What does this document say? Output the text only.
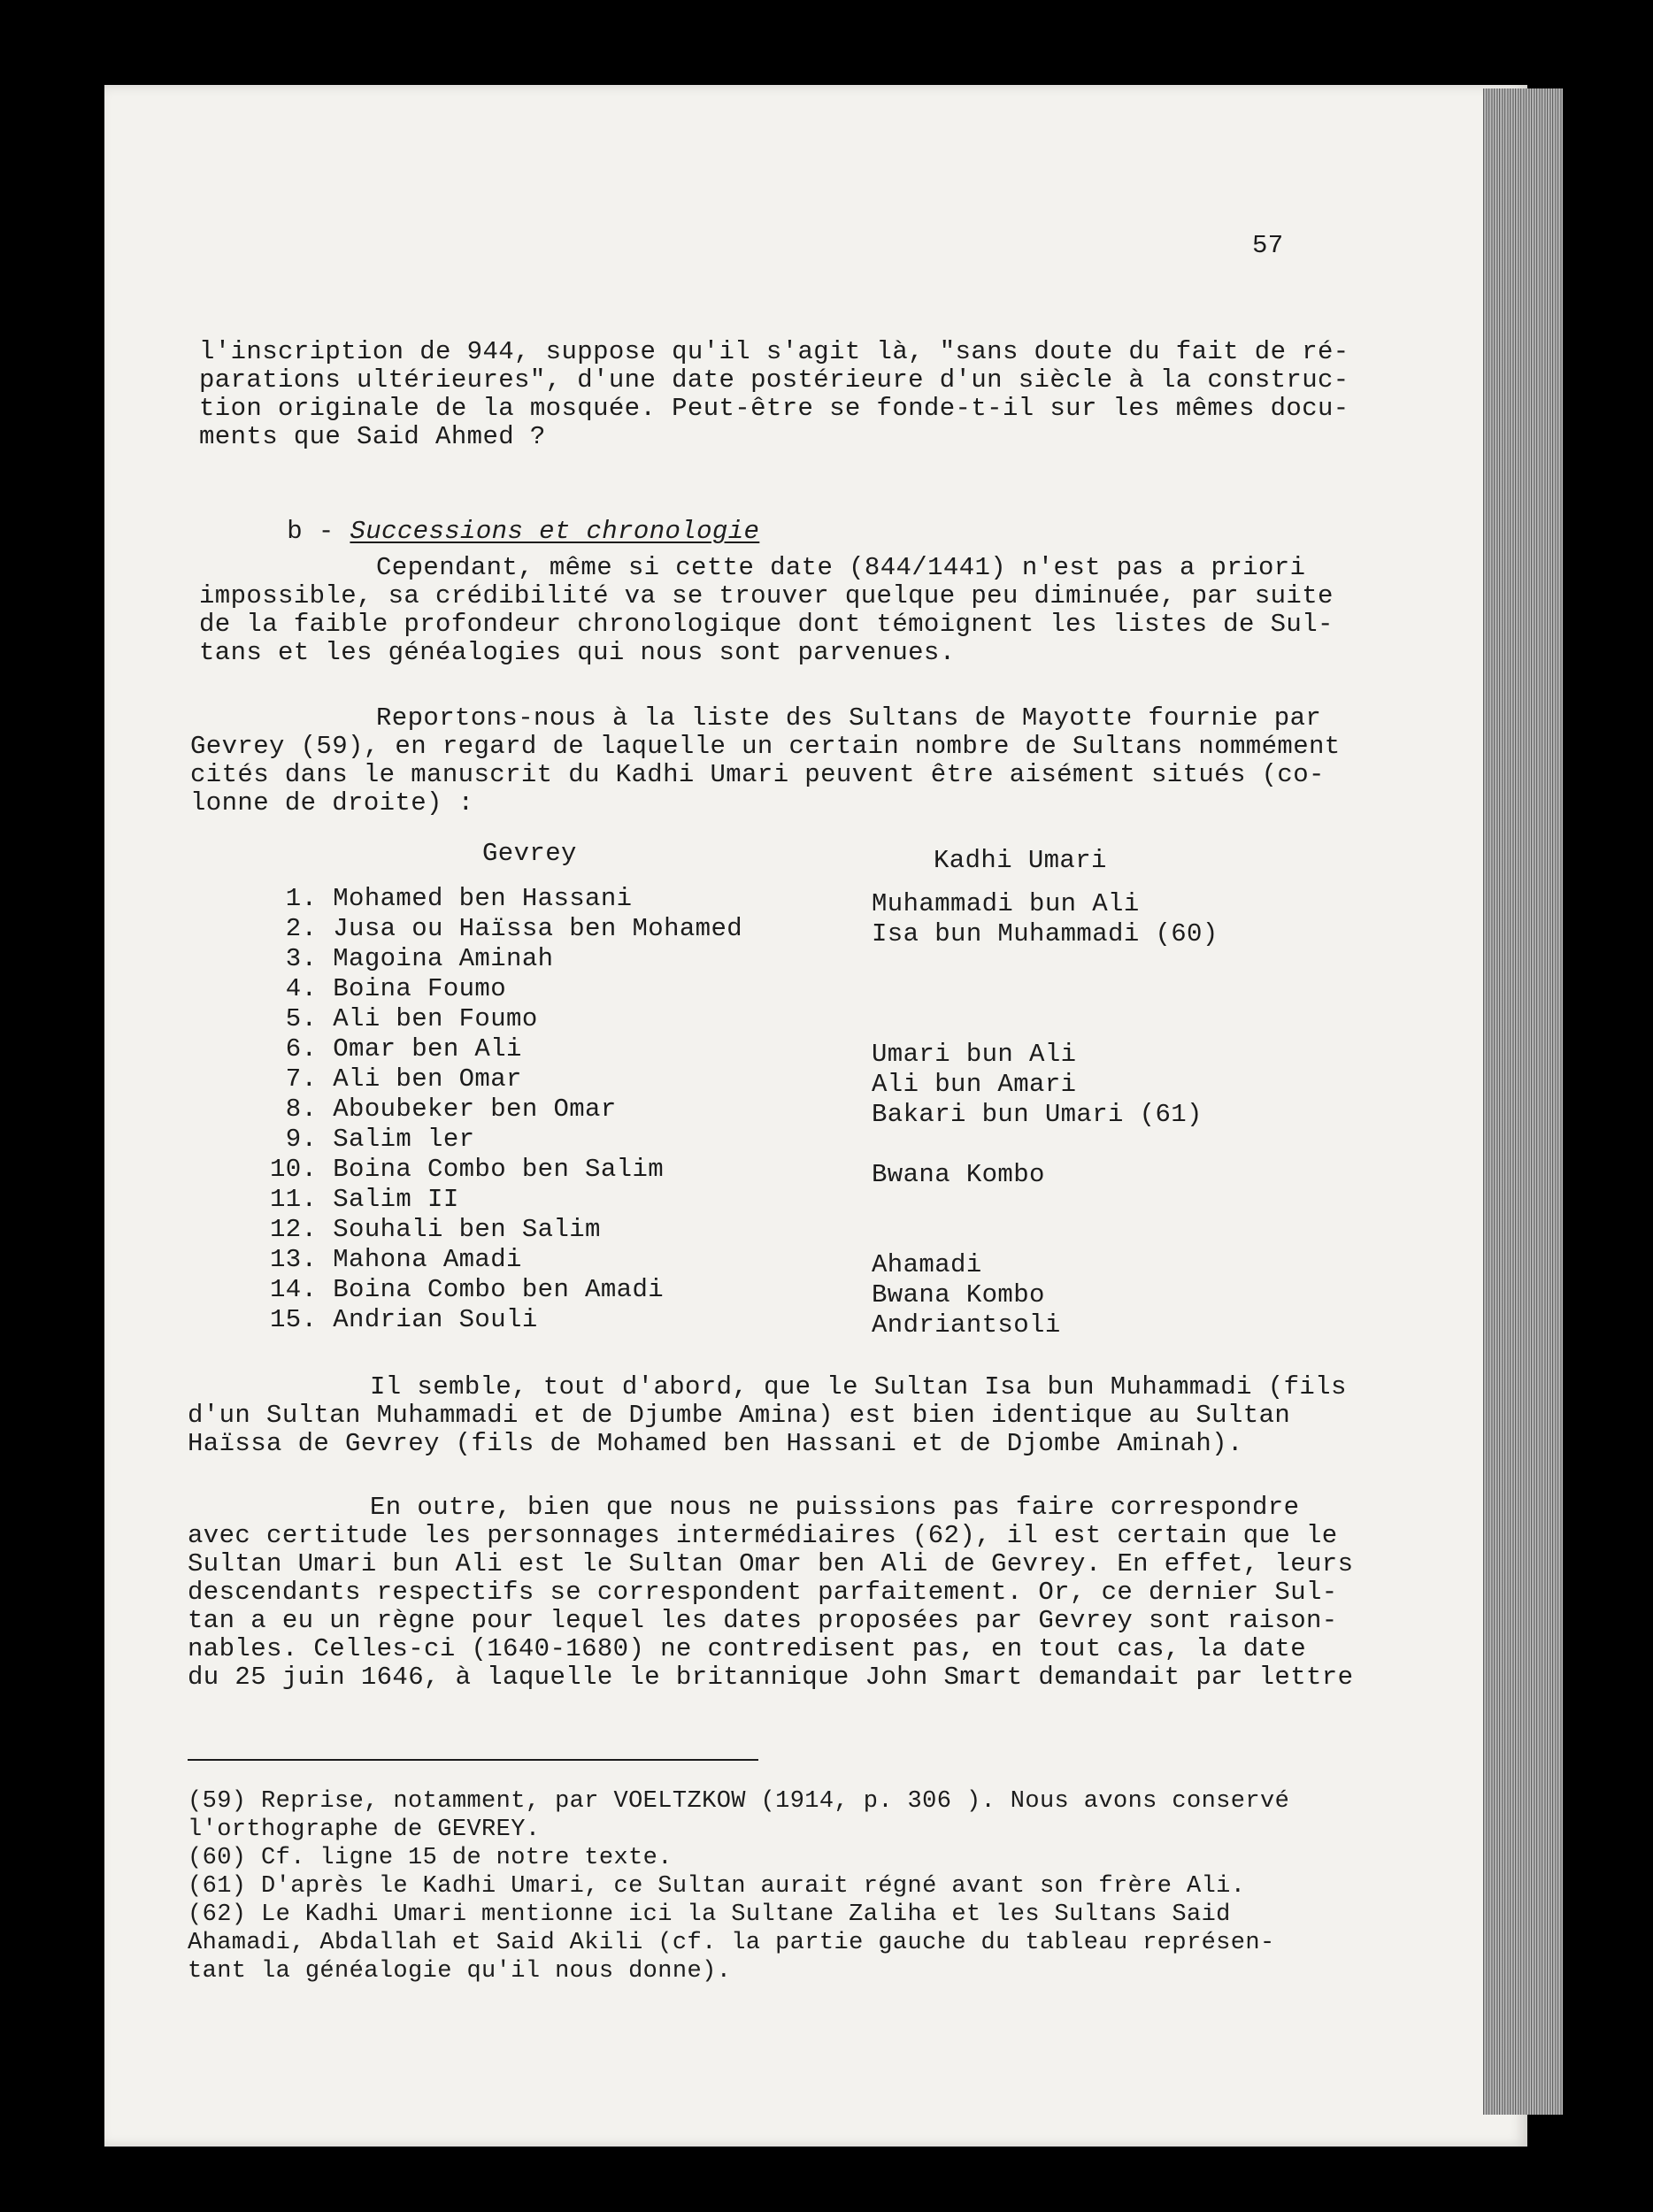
57
l'inscription de 944, suppose qu'il s'agit là, "sans doute du fait de ré-
parations ultérieures", d'une date postérieure d'un siècle à la construc-
tion originale de la mosquée. Peut-être se fonde-t-il sur les mêmes docu-
ments que Said Ahmed ?

b - Successions et chronologie

Cependant, même si cette date (844/1441) n'est pas a priori
impossible, sa crédibilité va se trouver quelque peu diminuée, par suite
de la faible profondeur chronologique dont témoignent les listes de Sul-
tans et les généalogies qui nous sont parvenues.
Reportons-nous à la liste des Sultans de Mayotte fournie par
Gevrey (59), en regard de laquelle un certain nombre de Sultans nommément
cités dans le manuscrit du Kadhi Umari peuvent être aisément situés (co-
lonne de droite) :
Gevrey	Kadhi Umari
1. Mohamed ben Hassani
2. Jusa ou Haïssa ben Mohamed
3. Magoina Aminah
4. Boina Foumo
5. Ali ben Foumo
6. Omar ben Ali
7. Ali ben Omar
8. Aboubeker ben Omar
9. Salim ler
10. Boina Combo ben Salim
11. Salim II
12. Souhali ben Salim
13. Mahona Amadi
14. Boina Combo ben Amadi
15. Andrian Souli
Muhammadi bun Ali
Isa bun Muhammadi (60)
Umari bun Ali
Ali bun Amari
Bakari bun Umari (61)
Bwana Kombo
Ahamadi
Bwana Kombo
Andriantsoli
Il semble, tout d'abord, que le Sultan Isa bun Muhammadi (fils
d'un Sultan Muhammadi et de Djumbe Amina) est bien identique au Sultan
Haïssa de Gevrey (fils de Mohamed ben Hassani et de Djombe Aminah).
En outre, bien que nous ne puissions pas faire correspondre
avec certitude les personnages intermédiaires (62), il est certain que le
Sultan Umari bun Ali est le Sultan Omar ben Ali de Gevrey. En effet, leurs
descendants respectifs se correspondent parfaitement. Or, ce dernier Sul-
tan a eu un règne pour lequel les dates proposées par Gevrey sont raison-
nables. Celles-ci (1640-1680) ne contredisent pas, en tout cas, la date
du 25 juin 1646, à laquelle le britannique John Smart demandait par lettre
(59) Reprise, notamment, par VOELTZKOW (1914, p. 306 ). Nous avons conservé
l'orthographe de GEVREY.
(60) Cf. ligne 15 de notre texte.
(61) D'après le Kadhi Umari, ce Sultan aurait régné avant son frère Ali.
(62) Le Kadhi Umari mentionne ici la Sultane Zaliha et les Sultans Said
Ahamadi, Abdallah et Said Akili (cf. la partie gauche du tableau représen-
tant la généalogie qu'il nous donne).
